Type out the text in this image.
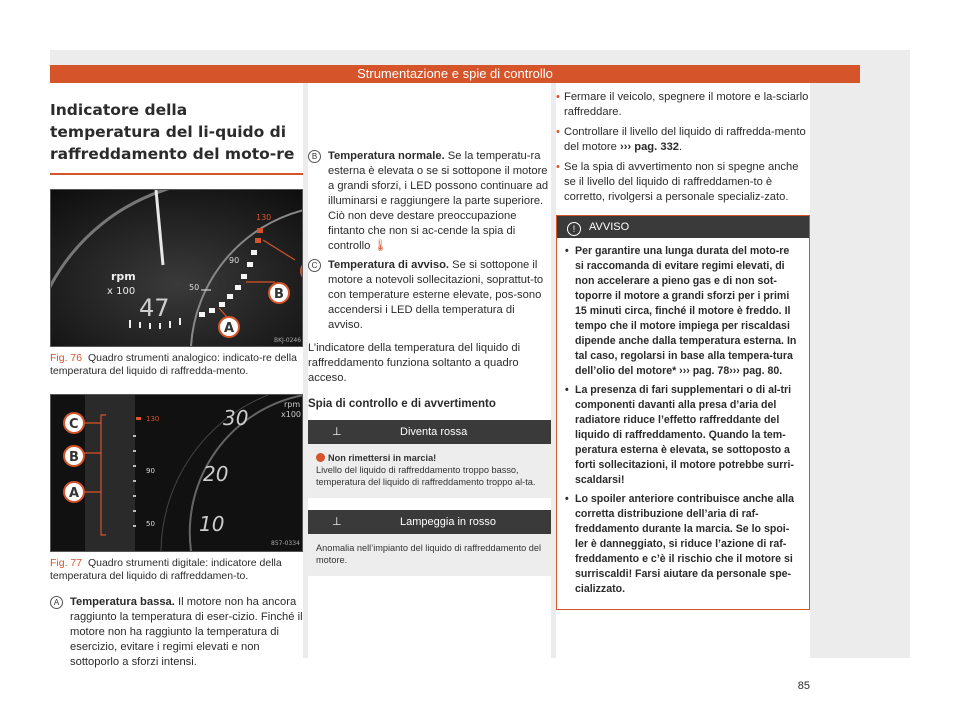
Strumentazione e spie di controllo
Indicatore della temperatura del li-quido di raffreddamento del moto-re
130
90
50
rpm
x 100
47	B
A
BKJ-0246
Fig. 76 Quadro strumenti analogico: indicato-re della temperatura del liquido di raffredda-mento.
130
90
50
30
20
10
rpm
x100
C
B
A
857-0334
Fig. 77 Quadro strumenti digitale: indicatore della temperatura del liquido di raffreddamen-to.
A Temperatura bassa. Il motore non ha ancora raggiunto la temperatura di eser-cizio. Finché il motore non ha raggiunto la temperatura di esercizio, evitare i regimi elevati e non sottoporlo a sforzi intensi.

B Temperatura normale. Se la temperatu-ra esterna è elevata o se si sottopone il motore a grandi sforzi, i LED possono continuare ad illuminarsi e raggiungere la parte superiore. Ciò non deve destare preoccupazione fintanto che non si ac-cende la spia di controllo 🌡

C Temperatura di avviso. Se si sottopone il motore a notevoli sollecitazioni, soprattut-to con temperature esterne elevate, pos-sono accendersi i LED della temperatura di avviso.

L’indicatore della temperatura del liquido di raffreddamento funziona soltanto a quadro acceso.

Spia di controllo e di avvertimento
⊥	Diventa rossa
Non rimettersi in marcia!
Livello del liquido di raffreddamento troppo basso, temperatura del liquido di raffreddamento troppo al-ta.
⊥	Lampeggia in rosso
Anomalia nell’impianto del liquido di raffreddamento del motore.
• Fermare il veicolo, spegnere il motore e la-sciarlo raffreddare.
• Controllare il livello del liquido di raffredda-mento del motore ››› pag. 332.
• Se la spia di avvertimento non si spegne anche se il livello del liquido di raffreddamen-to è corretto, rivolgersi a personale specializ-zato.
! AVVISO
• Per garantire una lunga durata del moto-re si raccomanda di evitare regimi elevati, di non accelerare a pieno gas e di non sot-toporre il motore a grandi sforzi per i primi 15 minuti circa, finché il motore è freddo. Il tempo che il motore impiega per riscaldasi dipende anche dalla temperatura esterna. In tal caso, regolarsi in base alla tempera-tura dell’olio del motore* ››› pag. 78››› pag. 80.
• La presenza di fari supplementari o di al-tri componenti davanti alla presa d’aria del radiatore riduce l’effetto raffreddante del liquido di raffreddamento. Quando la tem-peratura esterna è elevata, se sottoposto a forti sollecitazioni, il motore potrebbe surri-scaldarsi!
• Lo spoiler anteriore contribuisce anche alla corretta distribuzione dell’aria di raf-freddamento durante la marcia. Se lo spoi-ler è danneggiato, si riduce l’azione di raf-freddamento e c’è il rischio che il motore si surriscaldi! Farsi aiutare da personale spe-cializzato.
85
